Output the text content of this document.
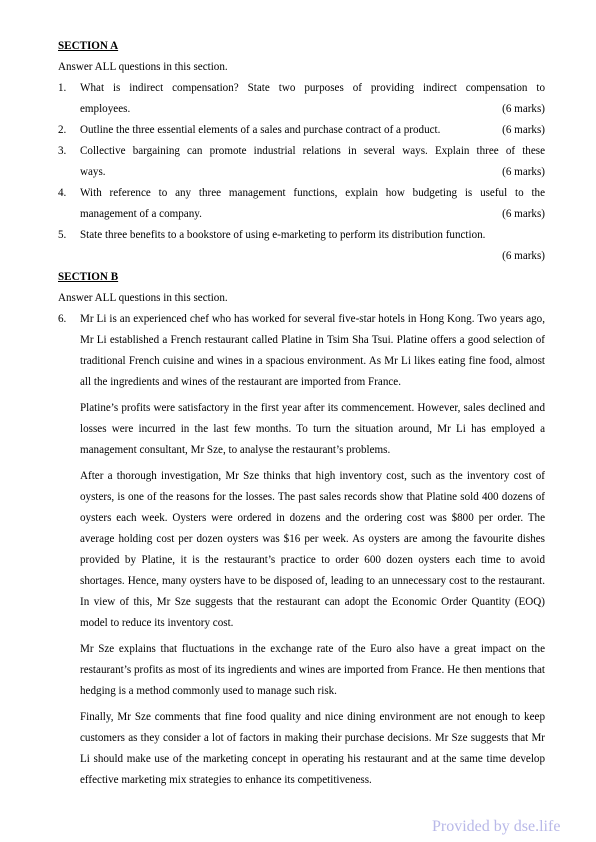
SECTION A

Answer ALL questions in this section.

1. What is indirect compensation? State two purposes of providing indirect compensation to
employees.	(6 marks)
2. Outline the three essential elements of a sales and purchase contract of a product.	(6 marks)
3. Collective bargaining can promote industrial relations in several ways. Explain three of these
ways.	(6 marks)
4. With reference to any three management functions, explain how budgeting is useful to the
management of a company.	(6 marks)
5. State three benefits to a bookstore of using e-marketing to perform its distribution function.
(6 marks)

SECTION B

Answer ALL questions in this section.

6. Mr Li is an experienced chef who has worked for several five-star hotels in Hong Kong. Two years ago, Mr Li established a French restaurant called Platine in Tsim Sha Tsui. Platine offers a good selection of traditional French cuisine and wines in a spacious environment. As Mr Li likes eating fine food, almost all the ingredients and wines of the restaurant are imported from France.

Platine’s profits were satisfactory in the first year after its commencement. However, sales declined and losses were incurred in the last few months. To turn the situation around, Mr Li has employed a management consultant, Mr Sze, to analyse the restaurant’s problems.

After a thorough investigation, Mr Sze thinks that high inventory cost, such as the inventory cost of oysters, is one of the reasons for the losses. The past sales records show that Platine sold 400 dozens of oysters each week. Oysters were ordered in dozens and the ordering cost was $800 per order. The average holding cost per dozen oysters was $16 per week. As oysters are among the favourite dishes provided by Platine, it is the restaurant’s practice to order 600 dozen oysters each time to avoid shortages. Hence, many oysters have to be disposed of, leading to an unnecessary cost to the restaurant. In view of this, Mr Sze suggests that the restaurant can adopt the Economic Order Quantity (EOQ) model to reduce its inventory cost.

Mr Sze explains that fluctuations in the exchange rate of the Euro also have a great impact on the restaurant’s profits as most of its ingredients and wines are imported from France. He then mentions that hedging is a method commonly used to manage such risk.

Finally, Mr Sze comments that fine food quality and nice dining environment are not enough to keep customers as they consider a lot of factors in making their purchase decisions. Mr Sze suggests that Mr Li should make use of the marketing concept in operating his restaurant and at the same time develop effective marketing mix strategies to enhance its competitiveness.

Provided by dse.life
